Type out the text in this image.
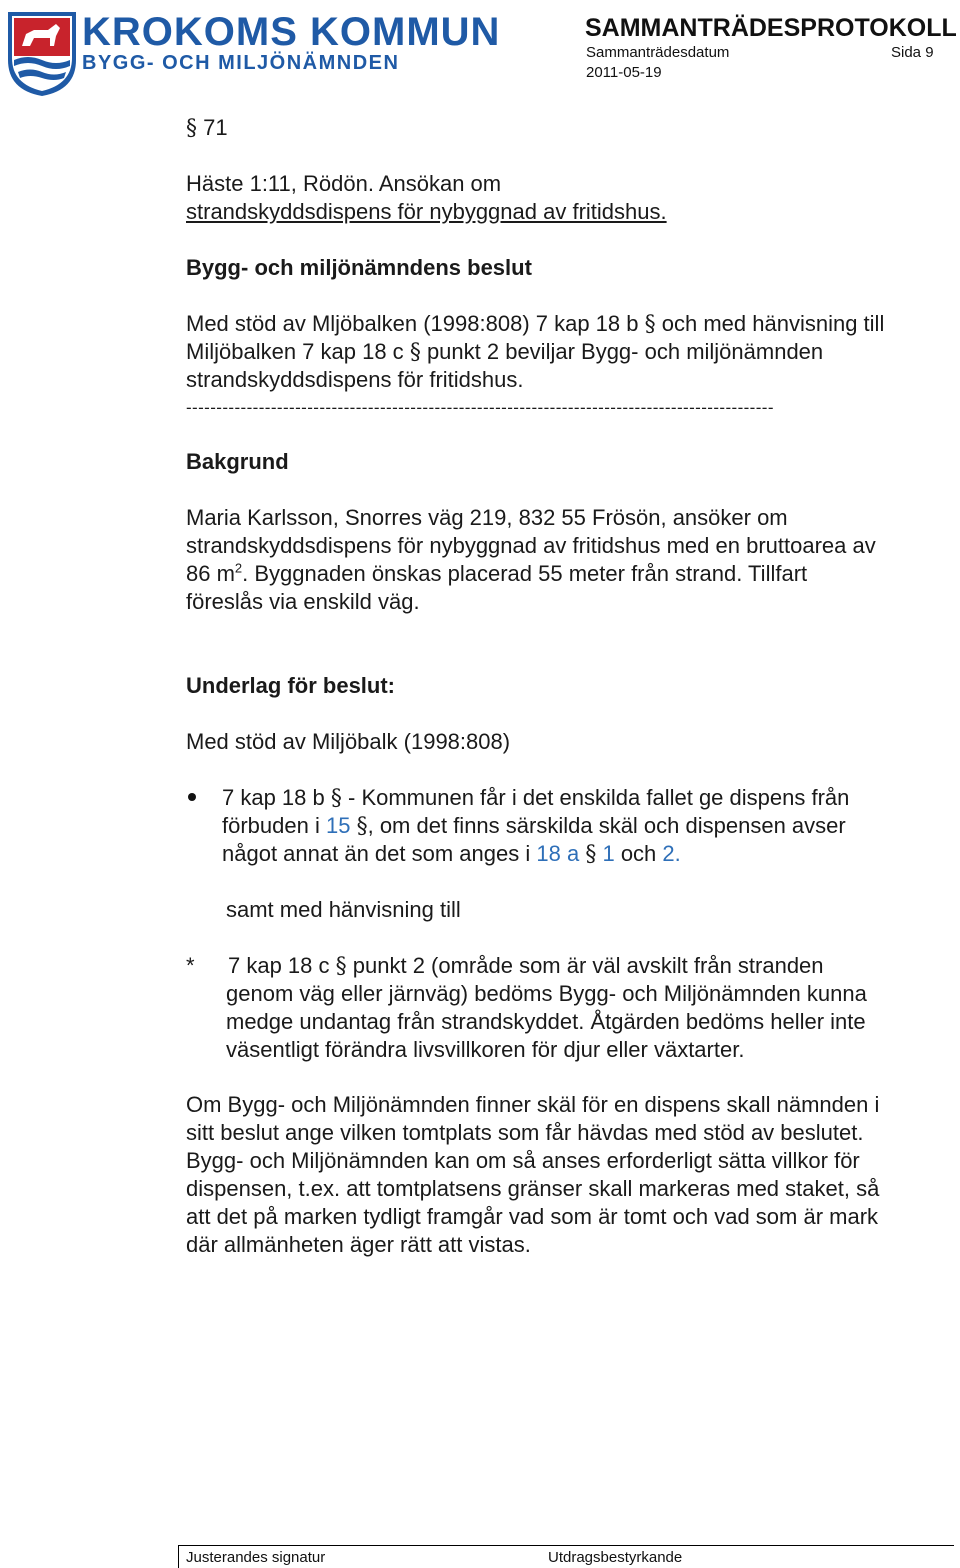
KROKOMS KOMMUN
BYGG- OCH MILJÖNÄMNDEN
SAMMANTRÄDESPROTOKOLL
Sammanträdesdatum	Sida 9
2011-05-19
§ 71
Häste 1:11, Rödön. Ansökan om
strandskyddsdispens för nybyggnad av fritidshus.
Bygg- och miljönämndens beslut
Med stöd av Mljöbalken (1998:808) 7 kap 18 b § och med hänvisning till
Miljöbalken 7 kap 18 c § punkt 2 beviljar Bygg- och miljönämnden
strandskyddsdispens för fritidshus.
-------------------------------------------------------------------------------------------------
Bakgrund
Maria Karlsson, Snorres väg 219, 832 55 Frösön, ansöker om
strandskyddsdispens för nybyggnad av fritidshus med en bruttoarea av
86 $m^2$. Byggnaden önskas placerad 55 meter från strand. Tillfart
föreslås via enskild väg.
Underlag för beslut:
Med stöd av Miljöbalk (1998:808)
7 kap 18 b § - Kommunen får i det enskilda fallet ge dispens från
förbuden i 15 §, om det finns särskilda skäl och dispensen avser
något annat än det som anges i 18 a § 1 och 2.
samt med hänvisning till
* 7 kap 18 c § punkt 2 (område som är väl avskilt från stranden
genom väg eller järnväg) bedöms Bygg- och Miljönämnden kunna
medge undantag från strandskyddet. Åtgärden bedöms heller inte
väsentligt förändra livsvillkoren för djur eller växtarter.
Om Bygg- och Miljönämnden finner skäl för en dispens skall nämnden i
sitt beslut ange vilken tomtplats som får hävdas med stöd av beslutet.
Bygg- och Miljönämnden kan om så anses erforderligt sätta villkor för
dispensen, t.ex. att tomtplatsens gränser skall markeras med staket, så
att det på marken tydligt framgår vad som är tomt och vad som är mark
där allmänheten äger rätt att vistas.
Justerandes signatur	Utdragsbestyrkande
